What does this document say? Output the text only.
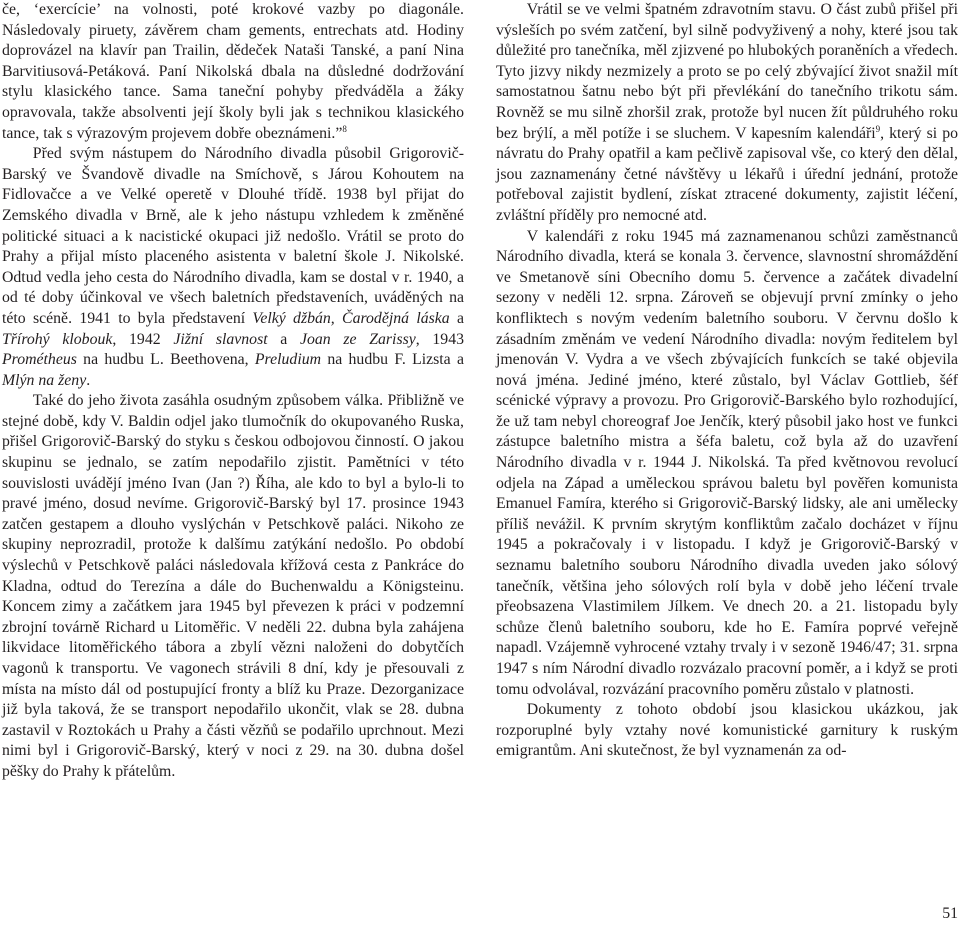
če, ‘exercície’ na volnosti, poté krokové vazby po diagonále. Následovaly piruety, závěrem cham gements, entrechats atd. Hodiny doprovázel na klavír pan Trailin, dědeček Nataši Tanské, a paní Nina Barvitiusová-Petáková. Paní Nikolská dbala na důsledné dodržování stylu klasického tance. Sama taneční pohyby předváděla a žáky opravovala, takže absolventi její školy byli jak s technikou klasického tance, tak s výrazovým projevem dobře obeznámeni.”$^8$

Před svým nástupem do Národního divadla působil Grigorovič-Barský ve Švandově divadle na Smíchově, s Járou Kohoutem na Fidlovačce a ve Velké operetě v Dlouhé třídě. 1938 byl přijat do Zemského divadla v Brně, ale k jeho nástupu vzhledem k změněné politické situaci a k nacistické okupaci již nedošlo. Vrátil se proto do Prahy a přijal místo placeného asistenta v baletní škole J. Nikolské. Odtud vedla jeho cesta do Národního divadla, kam se dostal v r. 1940, a od té doby účinkoval ve všech baletních představeních, uváděných na této scéně. 1941 to byla představení Velký džbán, Čarodějná láska a Třírohý klobouk, 1942 Jižní slavnost a Joan ze Zarissy, 1943 Prométheus na hudbu L. Beethovena, Preludium na hudbu F. Lizsta a Mlýn na ženy.

Také do jeho života zasáhla osudným způsobem válka. Přibližně ve stejné době, kdy V. Baldin odjel jako tlumočník do okupovaného Ruska, přišel Grigorovič-Barský do styku s českou odbojovou činností. O jakou skupinu se jednalo, se zatím nepodařilo zjistit. Pamětníci v této souvislosti uvádějí jméno Ivan (Jan ?) Říha, ale kdo to byl a bylo-li to pravé jméno, dosud nevíme. Grigorovič-Barský byl 17. prosince 1943 zatčen gestapem a dlouho vyslýchán v Petschkově paláci. Nikoho ze skupiny neprozradil, protože k dalšímu zatýkání nedošlo. Po období výslechů v Petschkově paláci následovala křížová cesta z Pankráce do Kladna, odtud do Terezína a dále do Buchenwaldu a Königsteinu. Koncem zimy a začátkem jara 1945 byl převezen k práci v podzemní zbrojní továrně Richard u Litoměřic. V neděli 22. dubna byla zahájena likvidace litoměřického tábora a zbylí vězni naloženi do dobytčích vagonů k transportu. Ve vagonech strávili 8 dní, kdy je přesouvali z místa na místo dál od postupující fronty a blíž ku Praze. Dezorganizace již byla taková, že se transport nepodařilo ukončit, vlak se 28. dubna zastavil v Roztokách u Prahy a části vězňů se podařilo uprchnout. Mezi nimi byl i Grigorovič-Barský, který v noci z 29. na 30. dubna došel pěšky do Prahy k přátelům.

Vrátil se ve velmi špatném zdravotním stavu. O část zubů přišel při výsleších po svém zatčení, byl silně podvyživený a nohy, které jsou tak důležité pro tanečníka, měl zjizvené po hlubokých poraněních a vředech. Tyto jizvy nikdy nezmizely a proto se po celý zbývající život snažil mít samostatnou šatnu nebo být při převlékání do tanečního trikotu sám. Rovněž se mu silně zhoršil zrak, protože byl nucen žít půldruhého roku bez brýlí, a měl potíže i se sluchem. V kapesním kalendáři$^9$, který si po návratu do Prahy opatřil a kam pečlivě zapisoval vše, co který den dělal, jsou zaznamenány četné návštěvy u lékařů i úřední jednání, protože potřeboval zajistit bydlení, získat ztracené dokumenty, zajistit léčení, zvláštní příděly pro nemocné atd.

V kalendáři z roku 1945 má zaznamenanou schůzi zaměstnanců Národního divadla, která se konala 3. července, slavnostní shromáždění ve Smetanově síni Obecního domu 5. července a začátek divadelní sezony v neděli 12. srpna. Zároveň se objevují první zmínky o jeho konfliktech s novým vedením baletního souboru. V červnu došlo k zásadním změnám ve vedení Národního divadla: novým ředitelem byl jmenován V. Vydra a ve všech zbývajících funkcích se také objevila nová jména. Jediné jméno, které zůstalo, byl Václav Gottlieb, šéf scénické výpravy a provozu. Pro Grigorovič-Barského bylo rozhodující, že už tam nebyl choreograf Joe Jenčík, který působil jako host ve funkci zástupce baletního mistra a šéfa baletu, což byla až do uzavření Národního divadla v r. 1944 J. Nikolská. Ta před květnovou revolucí odjela na Západ a uměleckou správou baletu byl pověřen komunista Emanuel Famíra, kterého si Grigorovič-Barský lidsky, ale ani umělecky příliš nevážil. K prvním skrytým konfliktům začalo docházet v říjnu 1945 a pokračovaly i v listopadu. I když je Grigorovič-Barský v seznamu baletního souboru Národního divadla uveden jako sólový tanečník, většina jeho sólových rolí byla v době jeho léčení trvale přeobsazena Vlastimilem Jílkem. Ve dnech 20. a 21. listopadu byly schůze členů baletního souboru, kde ho E. Famíra poprvé veřejně napadl. Vzájemně vyhrocené vztahy trvaly i v sezoně 1946/47; 31. srpna 1947 s ním Národní divadlo rozvázalo pracovní poměr, a i když se proti tomu odvolával, rozvázání pracovního poměru zůstalo v platnosti.

Dokumenty z tohoto období jsou klasickou ukázkou, jak rozporuplné byly vztahy nové komunistické garnitury k ruským emigrantům. Ani skutečnost, že byl vyznamenán za od-

51
